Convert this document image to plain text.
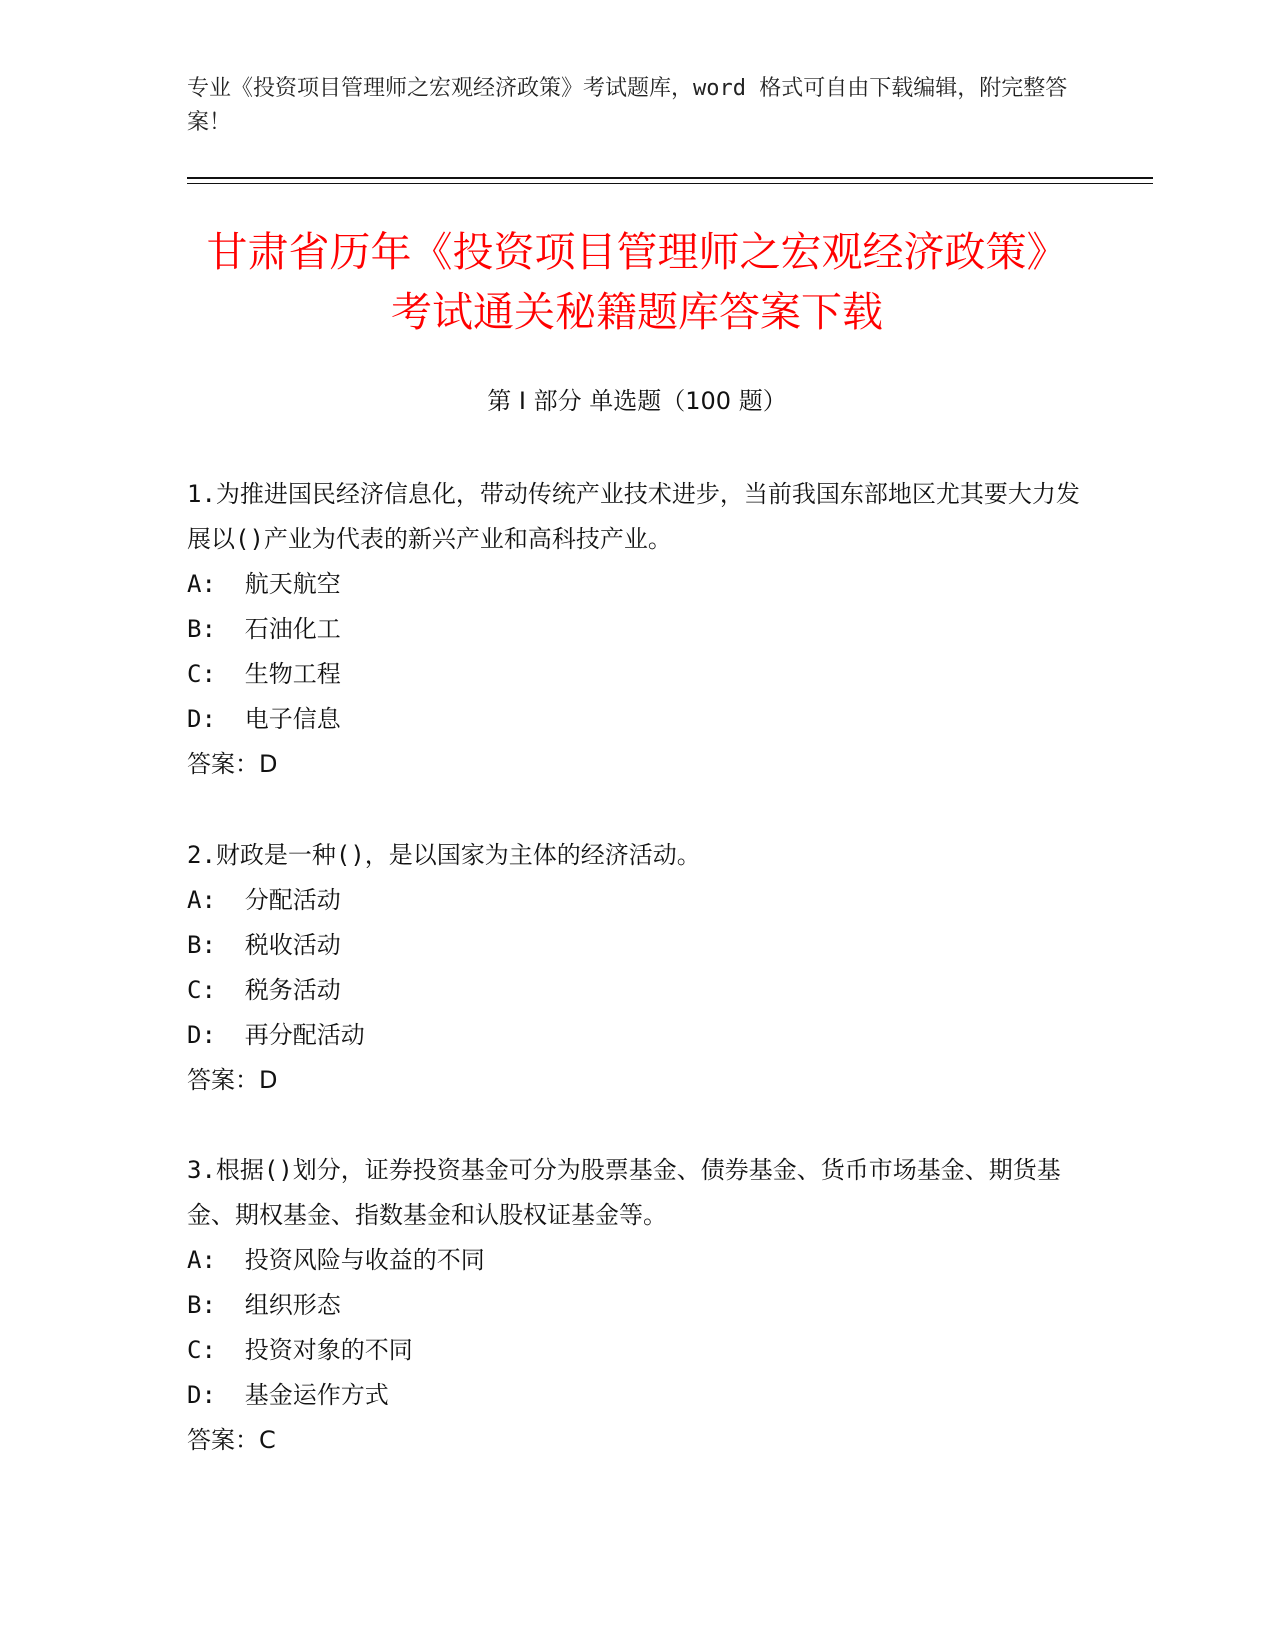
专业《投资项目管理师之宏观经济政策》考试题库，word 格式可自由下载编辑，附完整答案！
甘肃省历年《投资项目管理师之宏观经济政策》考试通关秘籍题库答案下载
第 I 部分 单选题（100 题）

1.为推进国民经济信息化，带动传统产业技术进步，当前我国东部地区尤其要大力发展以()产业为代表的新兴产业和高科技产业。

A:  航天航空

B:  石油化工

C:  生物工程

D:  电子信息

答案：D

2.财政是一种()，是以国家为主体的经济活动。

A:  分配活动

B:  税收活动

C:  税务活动

D:  再分配活动

答案：D

3.根据()划分，证券投资基金可分为股票基金、债券基金、货币市场基金、期货基金、期权基金、指数基金和认股权证基金等。

A:  投资风险与收益的不同

B:  组织形态

C:  投资对象的不同

D:  基金运作方式

答案：C
